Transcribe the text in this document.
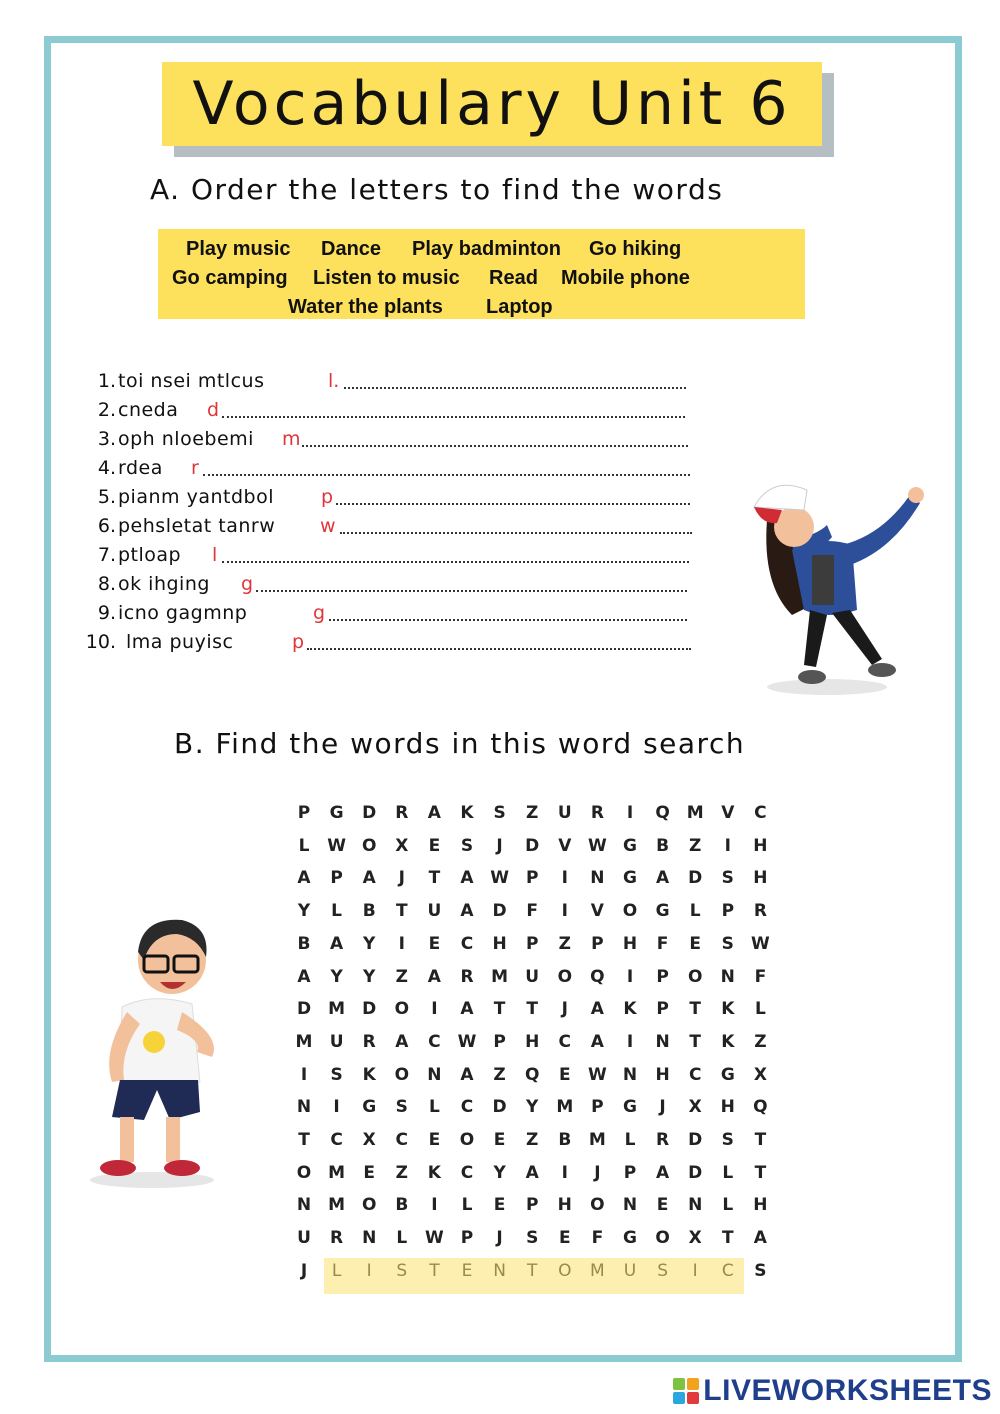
Vocabulary Unit 6
A. Order the letters to find the words
Play music Dance Play badminton Go hiking
Go camping Listen to music Read Mobile phone
Water the plants Laptop
1. toi nsei mtlcus	l.
2. cneda d
3. oph nloebemi m
4. rdea r
5. pianm yantdbol p
6. pehsletat tanrw w
7. ptloap l
8. ok ihging g
9. icno gagmnp	g
10. lma puyisc	p
B. Find the words in this word search
P	G	D	R	A	K	S	Z	U	R	I	Q M	V	C
L	W O	X	E	S	J	D	V W G	B	Z	I	H
A	P	A	J	T	A W P	I	N	G	A	D	S	H
Y	L	B	T	U	A	D	F	I	V	O	G	L	P	R
B	A	Y	I	E	C	H	P	Z	P	H	F	E	S	W
A	Y	Y	Z	A	R	M	U	O	Q	I	P	O	N	F
D	M	D	O	I	A	T	T	J	A	K	P	T	K	L
M	U	R	A	C W P	H	C	A	I	N	T	K	Z
I	S	K	O	N	A	Z	Q	E	W N	H	C	G	X
N	I	G	S	L	C	D	Y	M	P	G	J	X	H	Q
T	C	X	C	E	O	E	Z	B	M	L	R	D	S	T
O M	E	Z	K	C	Y	A	I	J	P	A	D	L	T
N	M O	B	I	L	E	P	H	O	N	E	N	L	H
U	R	N	L	W	P	J	S	E	F	G	O	X	T	A
J	L	I	S	T	E	N	T	O	M	U	S	I	C	S
LIVEWORKSHEETS
